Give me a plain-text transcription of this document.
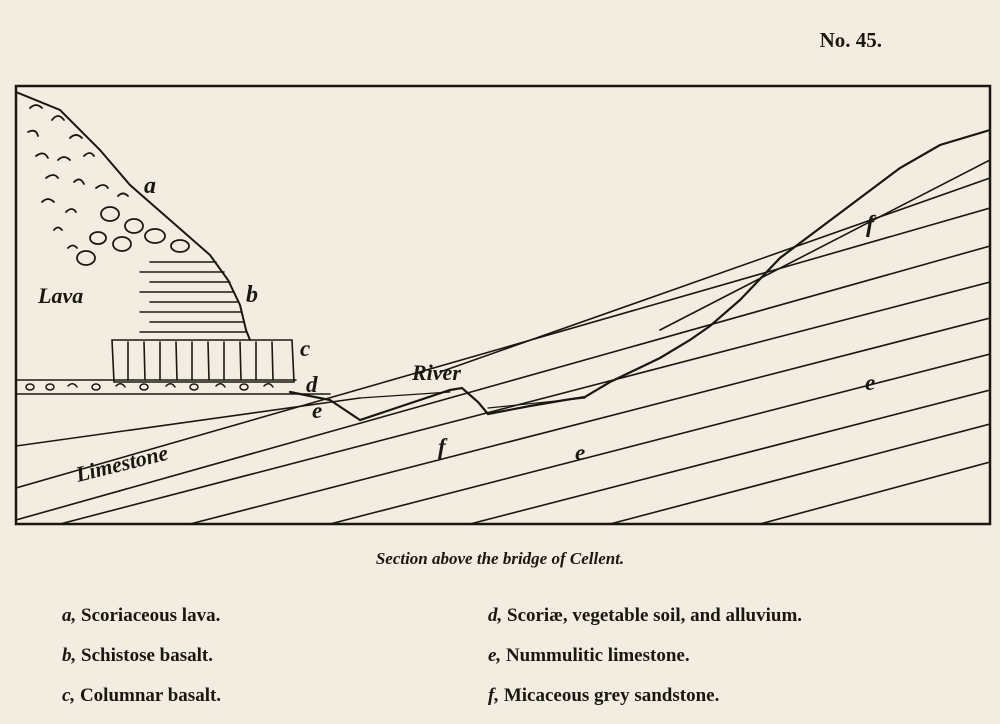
No. 45.
a
Lava	b
c
d
e
River
Limestone	f	e
e
f
Section above the bridge of Cellent.
a, Scoriaceous lava.
b, Schistose basalt.
c, Columnar basalt.
d, Scoriæ, vegetable soil, and alluvium.
e, Nummulitic limestone.
f, Micaceous grey sandstone.
